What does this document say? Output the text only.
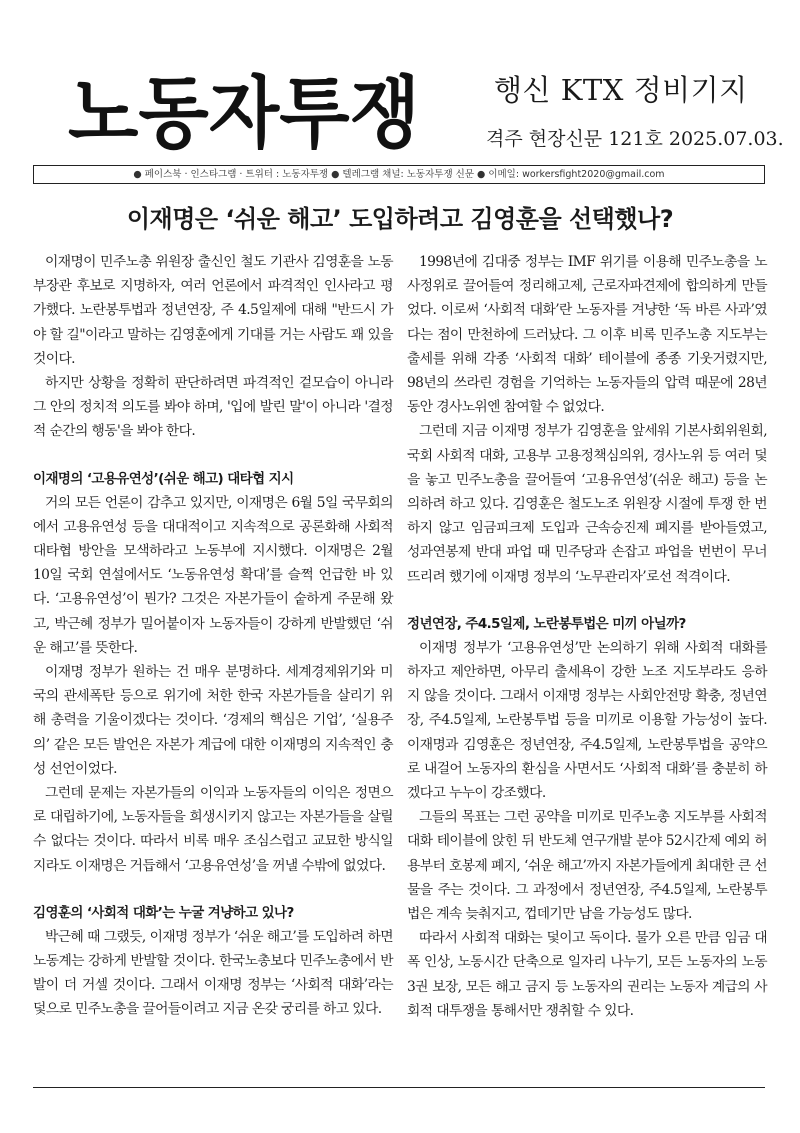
노동자투쟁	행신 KTX 정비기지
격주 현장신문 121호 2025.07.03.
● 페이스북 · 인스타그램 · 트위터 : 노동자투쟁 ● 텔레그램 채널: 노동자투쟁 신문 ● 이메일: workersfight2020@gmail.com
이재명은 ‘쉬운 해고’ 도입하려고 김영훈을 선택했나?

이재명이 민주노총 위원장 출신인 철도 기관사 김영훈을 노동부장관 후보로 지명하자, 여러 언론에서 파격적인 인사라고 평가했다. 노란봉투법과 정년연장, 주 4.5일제에 대해 "반드시 가야 할 길"이라고 말하는 김영훈에게 기대를 거는 사람도 꽤 있을 것이다.

하지만 상황을 정확히 판단하려면 파격적인 겉모습이 아니라 그 안의 정치적 의도를 봐야 하며, '입에 발린 말'이 아니라 '결정적 순간의 행동'을 봐야 한다.

이재명의 ‘고용유연성’(쉬운 해고) 대타협 지시

거의 모든 언론이 감추고 있지만, 이재명은 6월 5일 국무회의에서 고용유연성 등을 대대적이고 지속적으로 공론화해 사회적 대타협 방안을 모색하라고 노동부에 지시했다. 이재명은 2월 10일 국회 연설에서도 ‘노동유연성 확대’를 슬쩍 언급한 바 있다. ‘고용유연성’이 뭔가? 그것은 자본가들이 숱하게 주문해 왔고, 박근혜 정부가 밀어붙이자 노동자들이 강하게 반발했던 ‘쉬운 해고’를 뜻한다.

이재명 정부가 원하는 건 매우 분명하다. 세계경제위기와 미국의 관세폭탄 등으로 위기에 처한 한국 자본가들을 살리기 위해 총력을 기울이겠다는 것이다. ‘경제의 핵심은 기업’, ‘실용주의’ 같은 모든 발언은 자본가 계급에 대한 이재명의 지속적인 충성 선언이었다.

그런데 문제는 자본가들의 이익과 노동자들의 이익은 정면으로 대립하기에, 노동자들을 희생시키지 않고는 자본가들을 살릴 수 없다는 것이다. 따라서 비록 매우 조심스럽고 교묘한 방식일지라도 이재명은 거듭해서 ‘고용유연성’을 꺼낼 수밖에 없었다.

김영훈의 ‘사회적 대화’는 누굴 겨냥하고 있나?

박근혜 때 그랬듯, 이재명 정부가 ‘쉬운 해고’를 도입하려 하면 노동계는 강하게 반발할 것이다. 한국노총보다 민주노총에서 반발이 더 거셀 것이다. 그래서 이재명 정부는 ‘사회적 대화’라는 덫으로 민주노총을 끌어들이려고 지금 온갖 궁리를 하고 있다.

1998년에 김대중 정부는 IMF 위기를 이용해 민주노총을 노사정위로 끌어들여 정리해고제, 근로자파견제에 합의하게 만들었다. 이로써 ‘사회적 대화’란 노동자를 겨냥한 ‘독 바른 사과’였다는 점이 만천하에 드러났다. 그 이후 비록 민주노총 지도부는 출세를 위해 각종 ‘사회적 대화’ 테이블에 종종 기웃거렸지만, 98년의 쓰라린 경험을 기억하는 노동자들의 압력 때문에 28년 동안 경사노위엔 참여할 수 없었다.

그런데 지금 이재명 정부가 김영훈을 앞세워 기본사회위원회, 국회 사회적 대화, 고용부 고용정책심의위, 경사노위 등 여러 덫을 놓고 민주노총을 끌어들여 ‘고용유연성’(쉬운 해고) 등을 논의하려 하고 있다. 김영훈은 철도노조 위원장 시절에 투쟁 한 번 하지 않고 임금피크제 도입과 근속승진제 폐지를 받아들였고, 성과연봉제 반대 파업 때 민주당과 손잡고 파업을 번번이 무너뜨리려 했기에 이재명 정부의 ‘노무관리자’로선 적격이다.

정년연장, 주4.5일제, 노란봉투법은 미끼 아닐까?

이재명 정부가 ‘고용유연성’만 논의하기 위해 사회적 대화를 하자고 제안하면, 아무리 출세욕이 강한 노조 지도부라도 응하지 않을 것이다. 그래서 이재명 정부는 사회안전망 확충, 정년연장, 주4.5일제, 노란봉투법 등을 미끼로 이용할 가능성이 높다. 이재명과 김영훈은 정년연장, 주4.5일제, 노란봉투법을 공약으로 내걸어 노동자의 환심을 사면서도 ‘사회적 대화’를 충분히 하겠다고 누누이 강조했다.

그들의 목표는 그런 공약을 미끼로 민주노총 지도부를 사회적 대화 테이블에 앉힌 뒤 반도체 연구개발 분야 52시간제 예외 허용부터 호봉제 폐지, ‘쉬운 해고’까지 자본가들에게 최대한 큰 선물을 주는 것이다. 그 과정에서 정년연장, 주4.5일제, 노란봉투법은 계속 늦춰지고, 껍데기만 남을 가능성도 많다.

따라서 사회적 대화는 덫이고 독이다. 물가 오른 만큼 임금 대폭 인상, 노동시간 단축으로 일자리 나누기, 모든 노동자의 노동3권 보장, 모든 해고 금지 등 노동자의 권리는 노동자 계급의 사회적 대투쟁을 통해서만 쟁취할 수 있다.
